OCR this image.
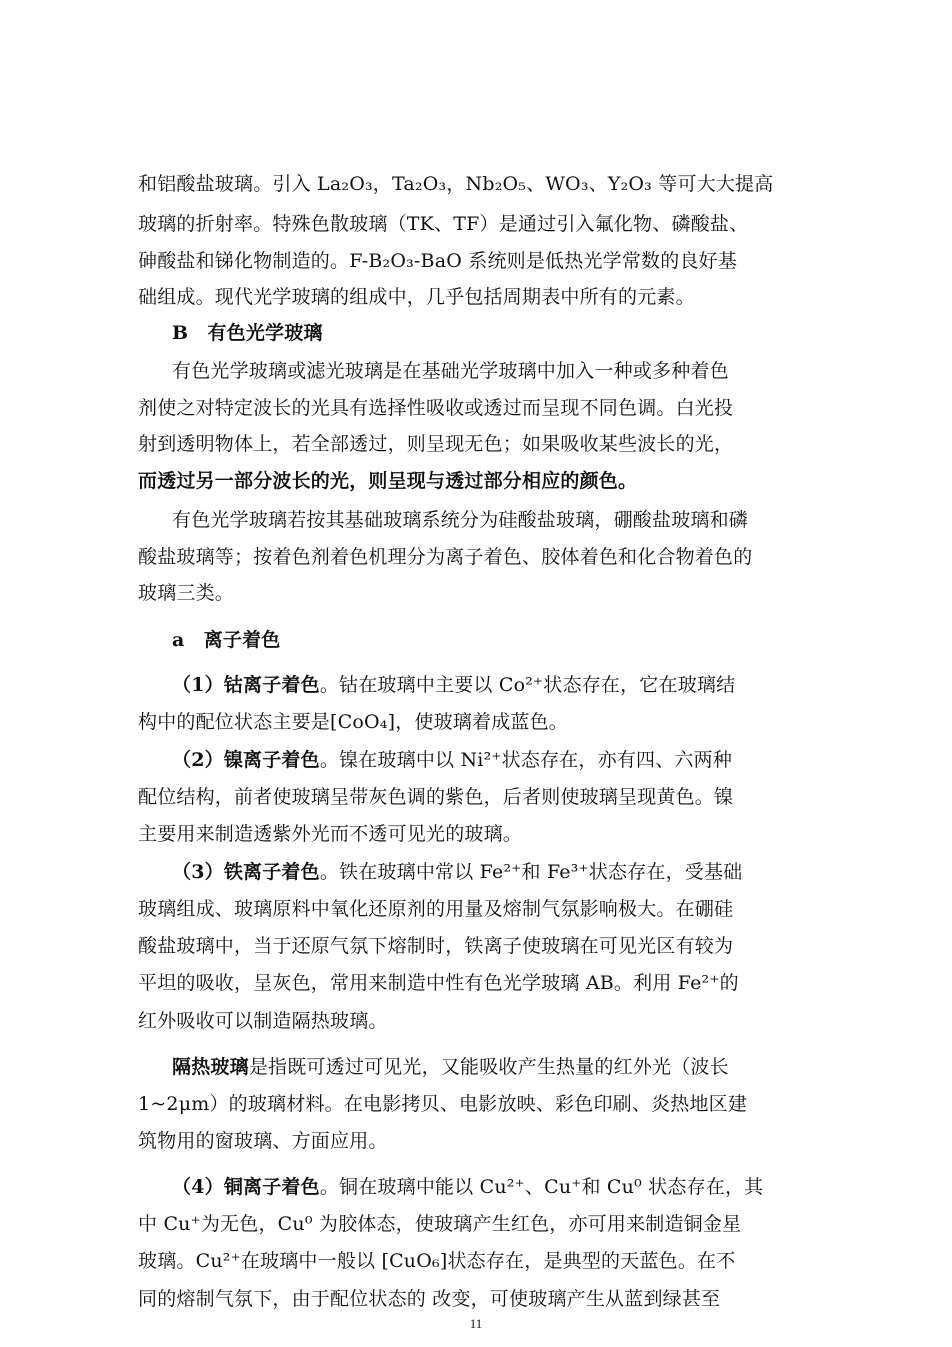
和铝酸盐玻璃。引入 La₂O₃，Ta₂O₃，Nb₂O₅、WO₃、Y₂O₃ 等可大大提高
玻璃的折射率。特殊色散玻璃（TK、TF）是通过引入氟化物、磷酸盐、
砷酸盐和锑化物制造的。F-B₂O₃-BaO 系统则是低热光学常数的良好基
础组成。现代光学玻璃的组成中，几乎包括周期表中所有的元素。
B　有色光学玻璃
有色光学玻璃或滤光玻璃是在基础光学玻璃中加入一种或多种着色
剂使之对特定波长的光具有选择性吸收或透过而呈现不同色调。白光投
射到透明物体上，若全部透过，则呈现无色；如果吸收某些波长的光，
而透过另一部分波长的光，则呈现与透过部分相应的颜色。
有色光学玻璃若按其基础玻璃系统分为硅酸盐玻璃，硼酸盐玻璃和磷
酸盐玻璃等；按着色剂着色机理分为离子着色、胶体着色和化合物着色的
玻璃三类。
a　离子着色
（1）钴离子着色。钴在玻璃中主要以 Co²⁺状态存在，它在玻璃结
构中的配位状态主要是[CoO₄]，使玻璃着成蓝色。
（2）镍离子着色。镍在玻璃中以 Ni²⁺状态存在，亦有四、六两种
配位结构，前者使玻璃呈带灰色调的紫色，后者则使玻璃呈现黄色。镍
主要用来制造透紫外光而不透可见光的玻璃。
（3）铁离子着色。铁在玻璃中常以 Fe²⁺和 Fe³⁺状态存在，受基础
玻璃组成、玻璃原料中氧化还原剂的用量及熔制气氛影响极大。在硼硅
酸盐玻璃中，当于还原气氛下熔制时，铁离子使玻璃在可见光区有较为
平坦的吸收，呈灰色，常用来制造中性有色光学玻璃 AB。利用 Fe²⁺的
红外吸收可以制造隔热玻璃。
隔热玻璃是指既可透过可见光，又能吸收产生热量的红外光（波长
1~2μm）的玻璃材料。在电影拷贝、电影放映、彩色印刷、炎热地区建
筑物用的窗玻璃、方面应用。
（4）铜离子着色。铜在玻璃中能以 Cu²⁺、Cu⁺和 Cu⁰ 状态存在，其
中 Cu⁺为无色，Cu⁰ 为胶体态，使玻璃产生红色，亦可用来制造铜金星
玻璃。Cu²⁺在玻璃中一般以 [CuO₆]状态存在，是典型的天蓝色。在不
同的熔制气氛下，由于配位状态的 改变，可使玻璃产生从蓝到绿甚至
11
